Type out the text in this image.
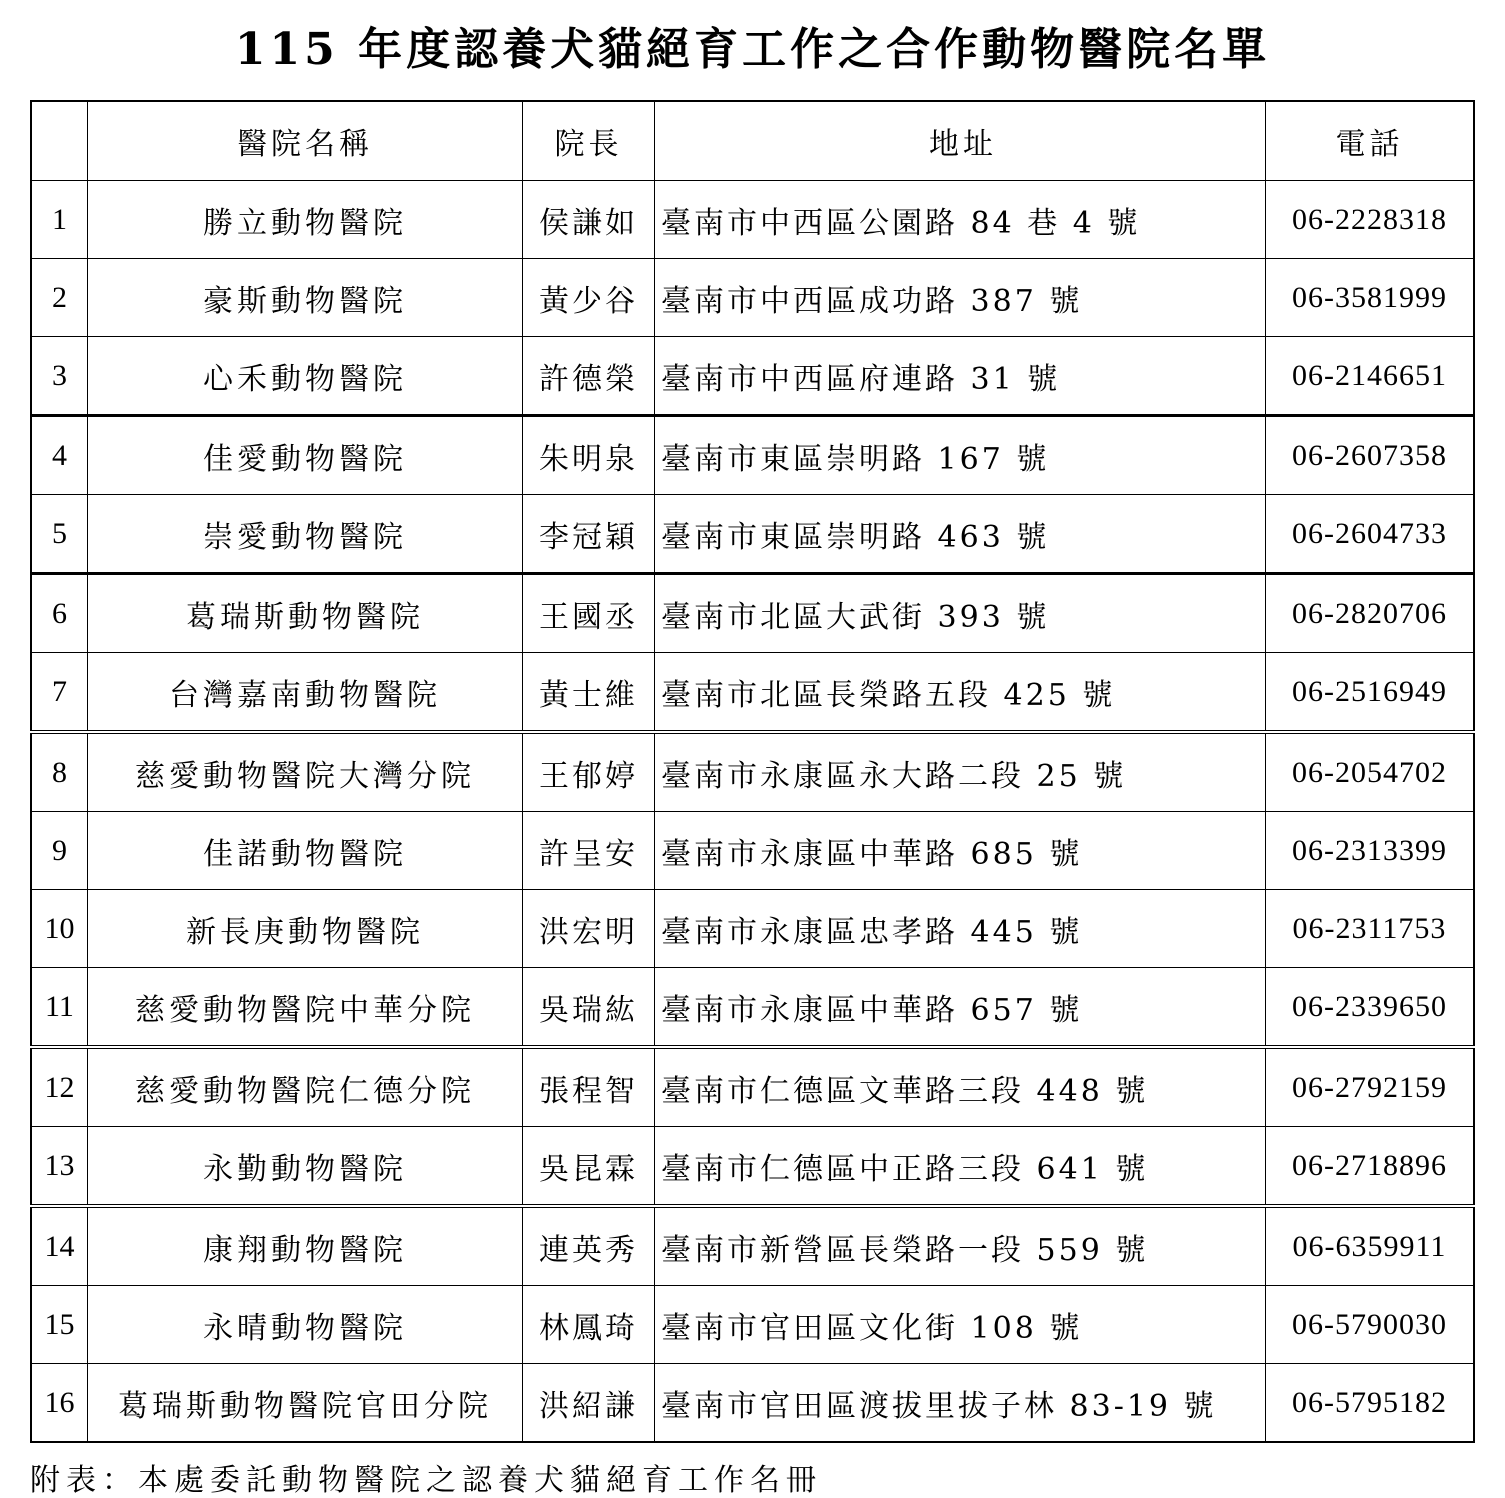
115 年度認養犬貓絕育工作之合作動物醫院名單
	醫院名稱	院長	地址	電話
1	勝立動物醫院	侯謙如	臺南市中西區公園路 84 巷 4 號	06-2228318
2	豪斯動物醫院	黃少谷	臺南市中西區成功路 387 號	06-3581999
3	心禾動物醫院	許德榮	臺南市中西區府連路 31 號	06-2146651
4	佳愛動物醫院	朱明泉	臺南市東區崇明路 167 號	06-2607358
5	崇愛動物醫院	李冠穎	臺南市東區崇明路 463 號	06-2604733
6	葛瑞斯動物醫院	王國丞	臺南市北區大武街 393 號	06-2820706
7	台灣嘉南動物醫院	黃士維	臺南市北區長榮路五段 425 號	06-2516949
8	慈愛動物醫院大灣分院	王郁婷	臺南市永康區永大路二段 25 號	06-2054702
9	佳諾動物醫院	許呈安	臺南市永康區中華路 685 號	06-2313399
10	新長庚動物醫院	洪宏明	臺南市永康區忠孝路 445 號	06-2311753
11	慈愛動物醫院中華分院	吳瑞紘	臺南市永康區中華路 657 號	06-2339650
12	慈愛動物醫院仁德分院	張程智	臺南市仁德區文華路三段 448 號	06-2792159
13	永勤動物醫院	吳昆霖	臺南市仁德區中正路三段 641 號	06-2718896
14	康翔動物醫院	連英秀	臺南市新營區長榮路一段 559 號	06-6359911
15	永晴動物醫院	林鳳琦	臺南市官田區文化街 108 號	06-5790030
16	葛瑞斯動物醫院官田分院	洪紹謙	臺南市官田區渡拔里拔子林 83-19 號	06-5795182
附表：本處委託動物醫院之認養犬貓絕育工作名冊
